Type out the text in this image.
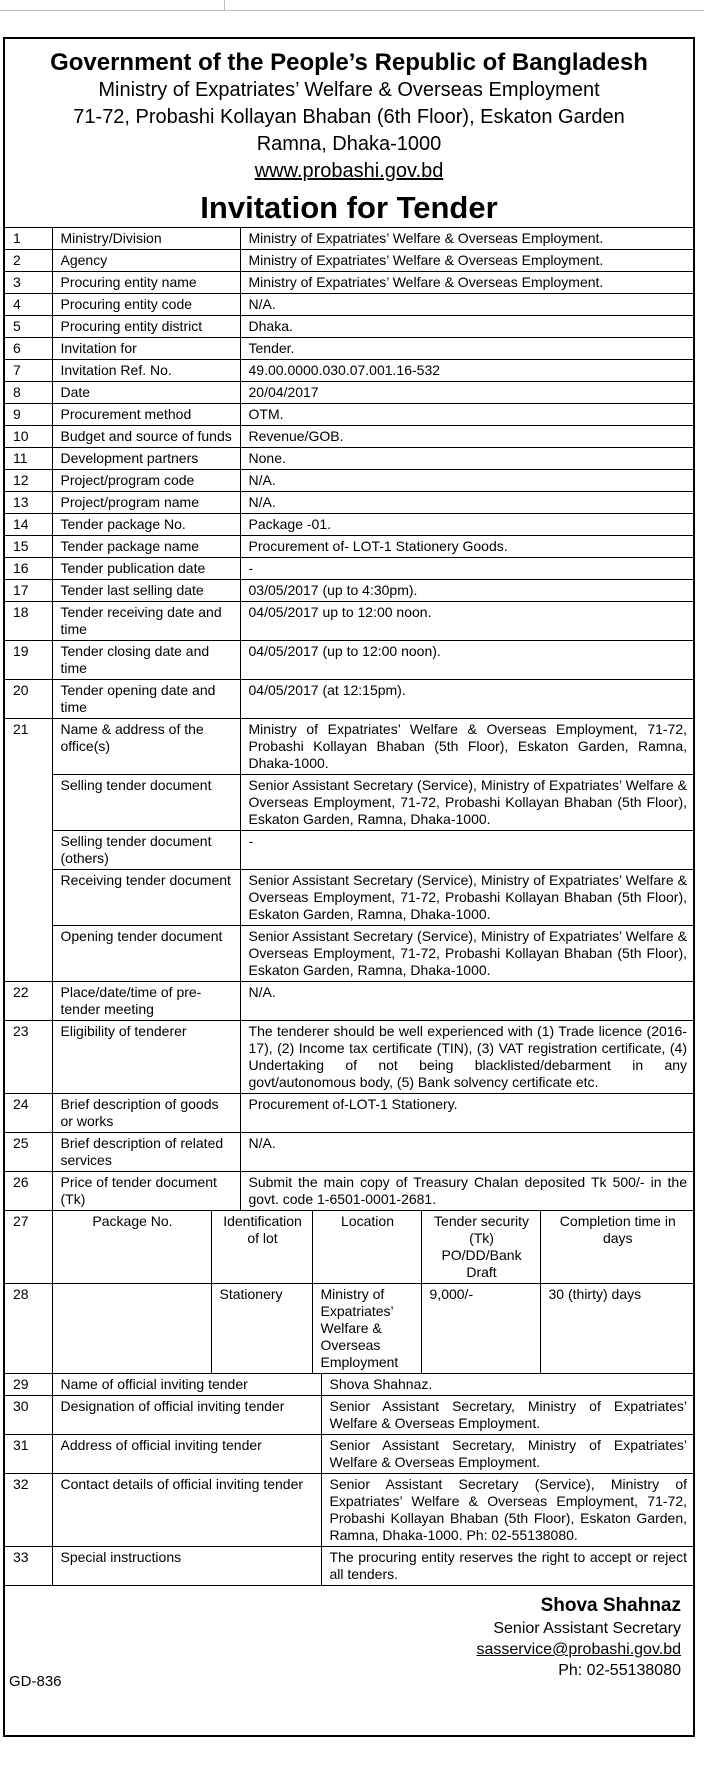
Government of the People’s Republic of Bangladesh
Ministry of Expatriates’ Welfare & Overseas Employment
71-72, Probashi Kollayan Bhaban (6th Floor), Eskaton Garden
Ramna, Dhaka-1000
www.probashi.gov.bd
Invitation for Tender
1	Ministry/Division		Ministry of Expatriates’ Welfare & Overseas Employment.				
2	Agency		Ministry of Expatriates’ Welfare & Overseas Employment.				
3	Procuring entity name		Ministry of Expatriates’ Welfare & Overseas Employment.				
4	Procuring entity code		N/A.				
5	Procuring entity district		Dhaka.				
6	Invitation for		Tender.				
7	Invitation Ref. No.		49.00.0000.030.07.001.16-532				
8	Date		20/04/2017				
9	Procurement method		OTM.				
10	Budget and source of funds		Revenue/GOB.				
11	Development partners		None.				
12	Project/program code		N/A.				
13	Project/program name		N/A.				
14	Tender package No.		Package -01.				
15	Tender package name		Procurement of- LOT-1 Stationery Goods.				
16	Tender publication date		-				
17	Tender last selling date		03/05/2017 (up to 4:30pm).				
18	Tender receiving date and time		04/05/2017 up to 12:00 noon.				
19	Tender closing date and time		04/05/2017 (up to 12:00 noon).				
20	Tender opening date and time		04/05/2017 (at 12:15pm).				
21	Name & address of the office(s)		Ministry of Expatriates’ Welfare & Overseas Employment, 71-72, Probashi Kollayan Bhaban (5th Floor), Eskaton Garden, Ramna, Dhaka-1000.				
	Selling tender document		Senior Assistant Secretary (Service), Ministry of Expatriates’ Welfare & Overseas Employment, 71-72, Probashi Kollayan Bhaban (5th Floor), Eskaton Garden, Ramna, Dhaka-1000.				
	Selling tender document (others)		-				
	Receiving tender document		Senior Assistant Secretary (Service), Ministry of Expatriates’ Welfare & Overseas Employment, 71-72, Probashi Kollayan Bhaban (5th Floor), Eskaton Garden, Ramna, Dhaka-1000.				
	Opening tender document		Senior Assistant Secretary (Service), Ministry of Expatriates’ Welfare & Overseas Employment, 71-72, Probashi Kollayan Bhaban (5th Floor), Eskaton Garden, Ramna, Dhaka-1000.				
22	Place/date/time of pre-tender meeting		N/A.				
23	Eligibility of tenderer		The tenderer should be well experienced with (1) Trade licence (2016-17), (2) Income tax certificate (TIN), (3) VAT registration certificate, (4) Undertaking of not being blacklisted/debarment in any govt/autonomous body, (5) Bank solvency certificate etc.				
24	Brief description of goods or works		Procurement of-LOT-1 Stationery.				
25	Brief description of related services		N/A.				
26	Price of tender document (Tk)		Submit the main copy of Treasury Chalan deposited Tk 500/- in the govt. code 1-6501-0001-2681.				
27	Package No.	Identification of lot		Location		Tender security (Tk) PO/DD/Bank Draft	Completion time in days
28		Stationery		Ministry of Expatriates’ Welfare & Overseas Employment		9,000/-	30 (thirty) days
29	Name of official inviting tender				Shova Shahnaz.		
30	Designation of official inviting tender				Senior Assistant Secretary, Ministry of Expatriates’ Welfare & Overseas Employment.		
31	Address of official inviting tender				Senior Assistant Secretary, Ministry of Expatriates’ Welfare & Overseas Employment.		
32	Contact details of official inviting tender				Senior Assistant Secretary (Service), Ministry of Expatriates’ Welfare & Overseas Employment, 71-72, Probashi Kollayan Bhaban (5th Floor), Eskaton Garden, Ramna, Dhaka-1000. Ph: 02-55138080.		
33	Special instructions				The procuring entity reserves the right to accept or reject all tenders.		
Shova Shahnaz
Senior Assistant Secretary
sasservice@probashi.gov.bd
Ph: 02-55138080
GD-836
